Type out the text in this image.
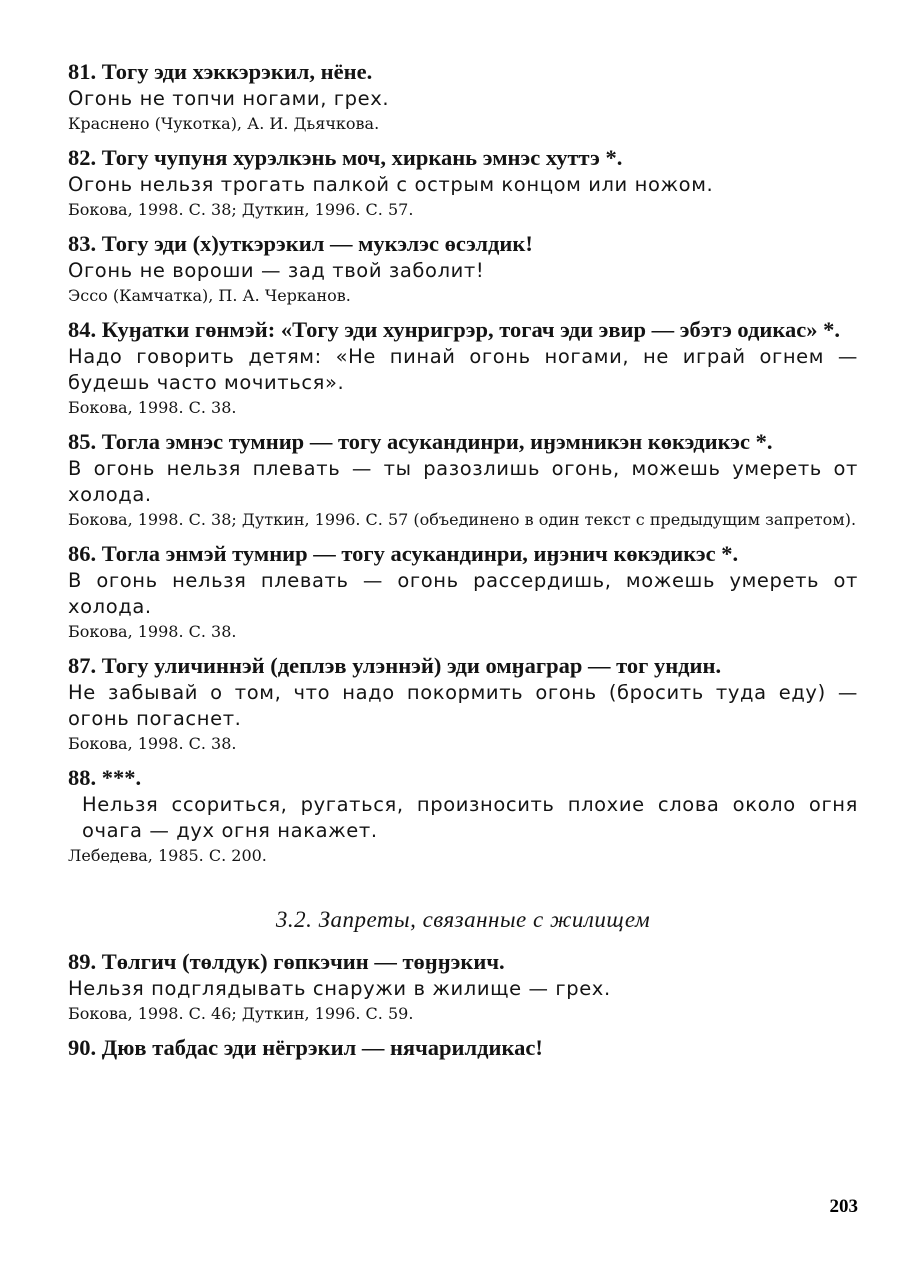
81. Тогу эди хэккэрэкил, нёне.
Огонь не топчи ногами, грех.
Краснено (Чукотка), А. И. Дьячкова.
82. Тогу чупуня хурэлкэнь моч, хиркань эмнэс хуттэ *.
Огонь нельзя трогать палкой с острым концом или ножом.
Бокова, 1998. С. 38; Дуткин, 1996. С. 57.
83. Тогу эди (х)уткэрэкил — мукэлэс өсэлдик!
Огонь не вороши — зад твой заболит!
Эссо (Камчатка), П. А. Черканов.
84. Куӈатки гөнмэй: «Тогу эди хунригрэр, тогач эди эвир — эбэтэ одикас» *.
Надо говорить детям: «Не пинай огонь ногами, не играй огнем — будешь часто мочиться».
Бокова, 1998. С. 38.
85. Тогла эмнэс тумнир — тогу асукандинри, иӈэмникэн көкэдикэс *.
В огонь нельзя плевать — ты разозлишь огонь, можешь умереть от холода.
Бокова, 1998. С. 38; Дуткин, 1996. С. 57 (объединено в один текст с предыдущим запретом).
86. Тогла энмэй тумнир — тогу асукандинри, иӈэнич көкэдикэс *.
В огонь нельзя плевать — огонь рассердишь, можешь умереть от холода.
Бокова, 1998. С. 38.
87. Тогу уличиннэй (деплэв улэннэй) эди омӈаграр — тог ундин.
Не забывай о том, что надо покормить огонь (бросить туда еду) — огонь погаснет.
Бокова, 1998. С. 38.
88. ***.
Нельзя ссориться, ругаться, произносить плохие слова около огня очага — дух огня накажет.
Лебедева, 1985. С. 200.
3.2. Запреты, связанные с жилищем
89. Төлгич (төлдук) гөпкэчин — төӈӈэкич.
Нельзя подглядывать снаружи в жилище — грех.
Бокова, 1998. С. 46; Дуткин, 1996. С. 59.
90. Дюв табдас эди нёгрэкил — нячарилдикас!
203
